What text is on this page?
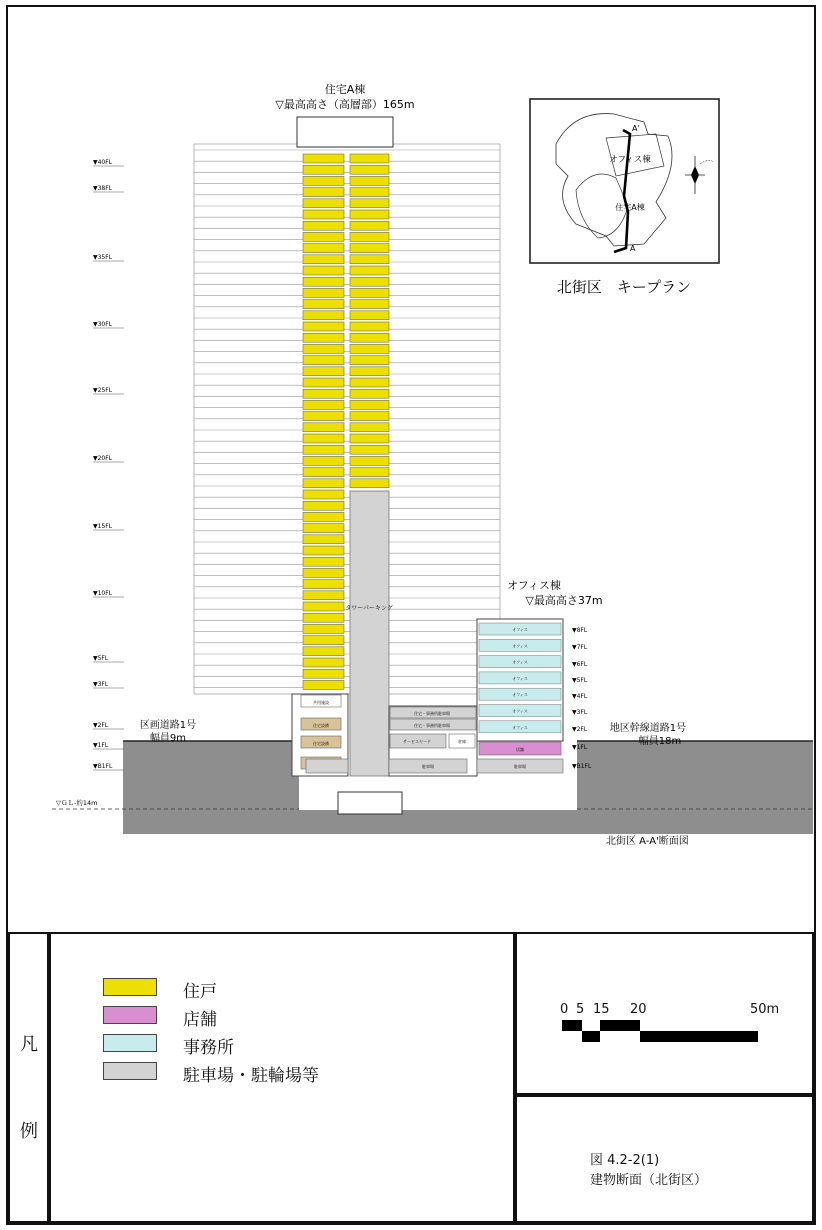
タワーパーキング
共用施設
住宅設備
住宅設備
住宅・事務所駐車場
住宅・事務所駐車場
サービスヤード	倉庫
駐車場	駐車場
オフィス
オフィス
オフィス
オフィス
オフィス
オフィス
オフィス
店舗
▼40FL
▼38FL
▼35FL
▼30FL
▼25FL
▼20FL
▼15FL
▼10FL
▼5FL
▼3FL
▼2FL
▼1FL
▼B1FL
▼8FL
▼7FL
▼6FL
▼5FL
▼4FL
▼3FL
▼2FL
▼1FL
▼B1FL
住宅A棟
▽最高高さ（高層部）165m
オフィス棟
▽最高高さ37m
区画道路1号
幅員9m
地区幹線道路1号
幅員18m
▽ＧＬ-約14m
北街区 A-A'断面図
オフィス棟
住宅A棟
A'
A
北街区　キープラン
凡
例
住戸
店舗
事務所
駐車場・駐輪場等
0 5 15 20	50m
図 4.2-2(1)
建物断面（北街区）
